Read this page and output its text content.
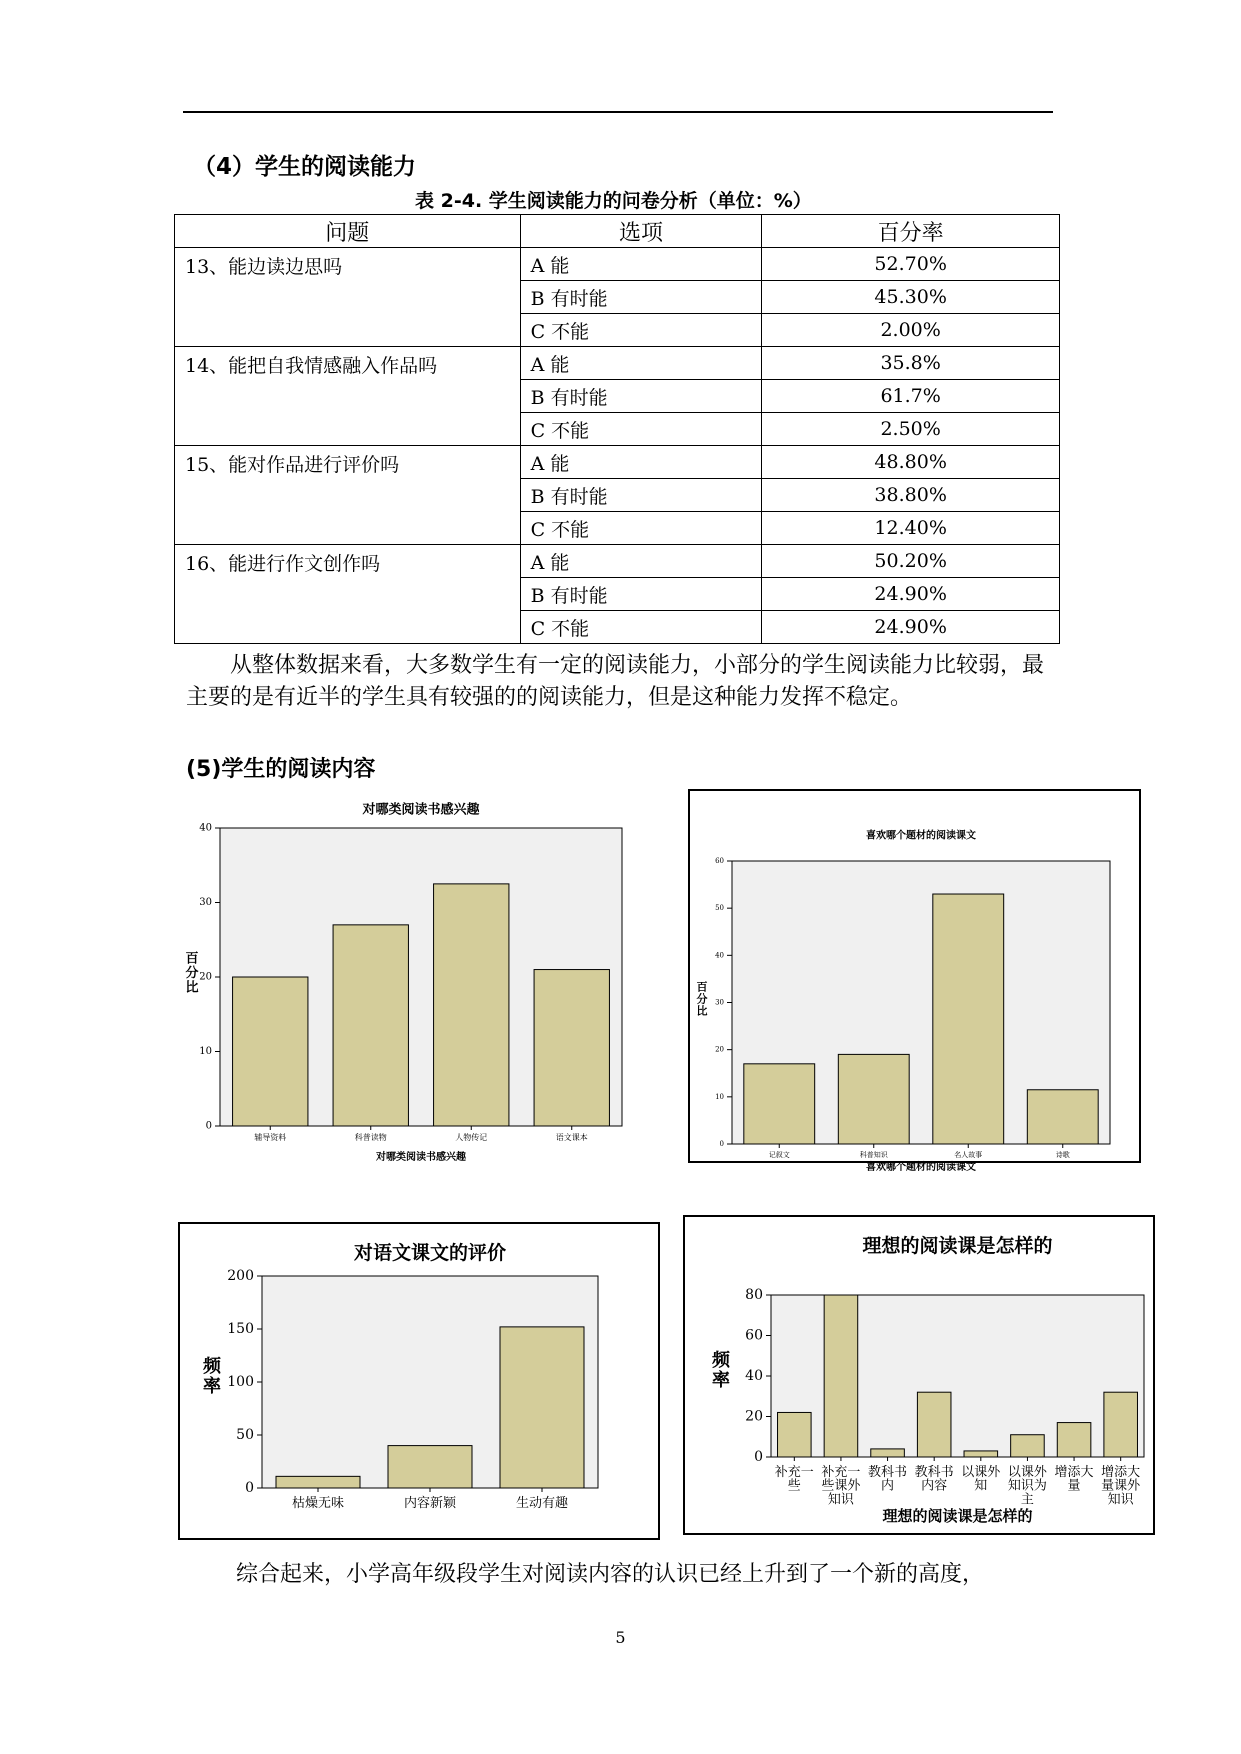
（4）学生的阅读能力
表 2-4. 学生阅读能力的问卷分析（单位：%）
问题	选项	百分率
13、能边读边思吗	A 能	52.70%
	B 有时能	45.30%
	C 不能	2.00%
14、能把自我情感融入作品吗	A 能	35.8%
	B 有时能	61.7%
	C 不能	2.50%
15、能对作品进行评价吗	A 能	48.80%
	B 有时能	38.80%
	C 不能	12.40%
16、能进行作文创作吗	A 能	50.20%
	B 有时能	24.90%
	C 不能	24.90%
从整体数据来看，大多数学生有一定的阅读能力，小部分的学生阅读能力比较弱，最主要的是有近半的学生具有较强的的阅读能力，但是这种能力发挥不稳定。
(5)学生的阅读内容
对哪类阅读书感兴趣
0
10
20
30
40
百分比
辅导资料	科普读物	人物传记	语文课本
对哪类阅读书感兴趣
喜欢哪个题材的阅读课文
0
10
20
30
40
50
60
百分比
记叙文	科普知识	名人故事	诗歌
喜欢哪个题材的阅读课文
对语文课文的评价
0
50
100
150
200
频率
枯燥无味	内容新颖	生动有趣
理想的阅读课是怎样的
0
20
40
60
80
频率
补充一些
补充一些课外知识
教科书内
教科书内容
以课外知
以课外知识为主
增添大量
增添大量课外知识
理想的阅读课是怎样的
综合起来，小学高年级段学生对阅读内容的认识已经上升到了一个新的高度，
5
